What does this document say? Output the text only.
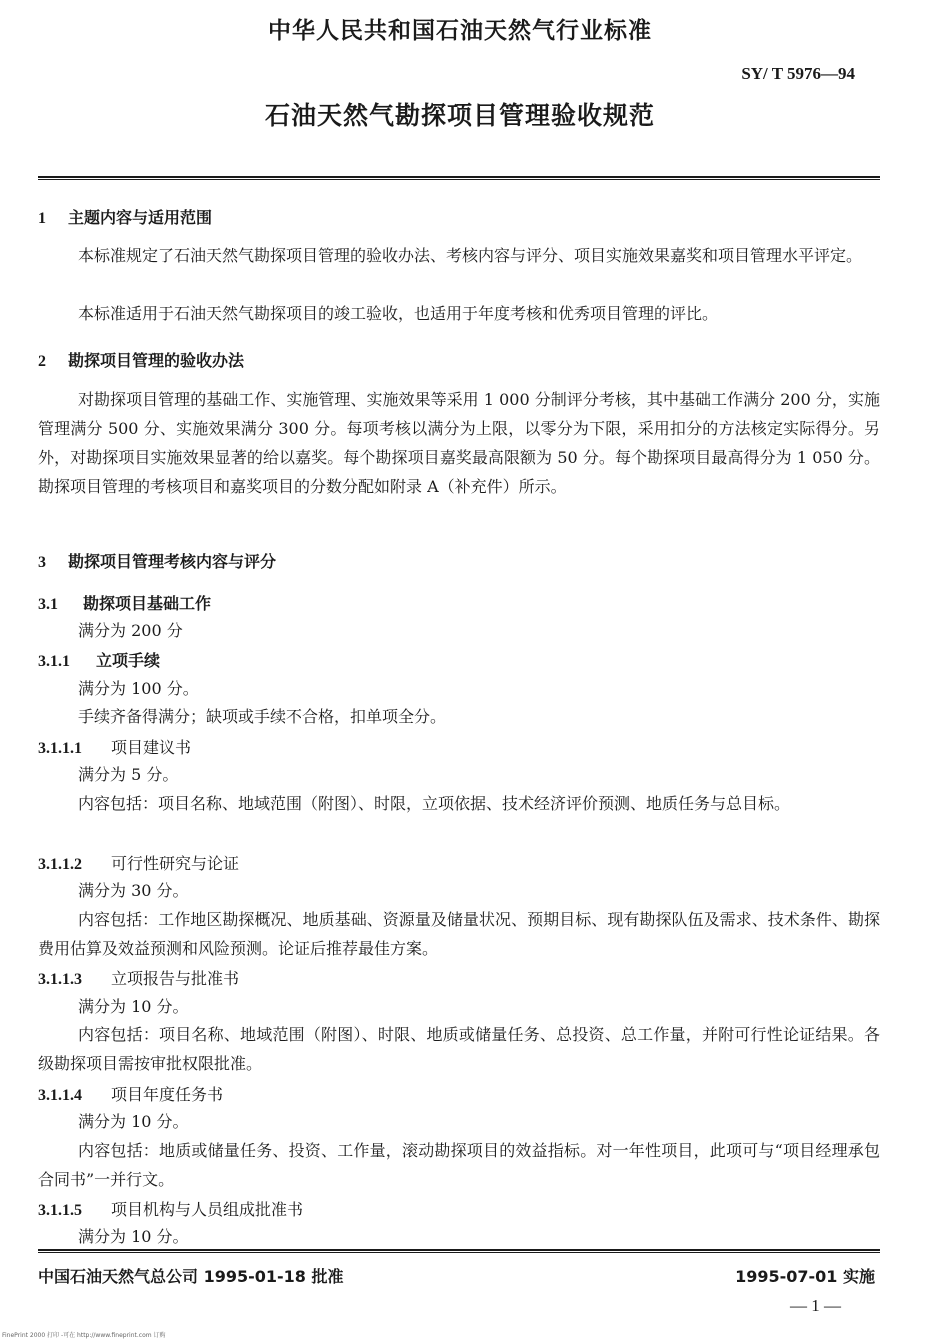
中华人民共和国石油天然气行业标准
SY/ T 5976—94
石油天然气勘探项目管理验收规范
1 主题内容与适用范围
本标准规定了石油天然气勘探项目管理的验收办法、考核内容与评分、项目实施效果嘉奖和项目管理水平评定。
本标准适用于石油天然气勘探项目的竣工验收，也适用于年度考核和优秀项目管理的评比。
2 勘探项目管理的验收办法
对勘探项目管理的基础工作、实施管理、实施效果等采用 1 000 分制评分考核，其中基础工作满分 200 分，实施管理满分 500 分、实施效果满分 300 分。每项考核以满分为上限，以零分为下限，采用扣分的方法核定实际得分。另外，对勘探项目实施效果显著的给以嘉奖。每个勘探项目嘉奖最高限额为 50 分。每个勘探项目最高得分为 1 050 分。勘探项目管理的考核项目和嘉奖项目的分数分配如附录 A（补充件）所示。
3 勘探项目管理考核内容与评分
3.1 勘探项目基础工作
满分为 200 分
3.1.1 立项手续
满分为 100 分。
手续齐备得满分；缺项或手续不合格，扣单项全分。
3.1.1.1 项目建议书
满分为 5 分。
内容包括：项目名称、地域范围（附图）、时限，立项依据、技术经济评价预测、地质任务与总目标。
3.1.1.2 可行性研究与论证
满分为 30 分。
内容包括：工作地区勘探概况、地质基础、资源量及储量状况、预期目标、现有勘探队伍及需求、技术条件、勘探费用估算及效益预测和风险预测。论证后推荐最佳方案。
3.1.1.3 立项报告与批准书
满分为 10 分。
内容包括：项目名称、地域范围（附图）、时限、地质或储量任务、总投资、总工作量，并附可行性论证结果。各级勘探项目需按审批权限批准。
3.1.1.4 项目年度任务书
满分为 10 分。
内容包括：地质或储量任务、投资、工作量，滚动勘探项目的效益指标。对一年性项目，此项可与“项目经理承包合同书”一并行文。
3.1.1.5 项目机构与人员组成批准书
满分为 10 分。
中国石油天然气总公司 1995-01-18 批准	1995-07-01 实施
— 1 —
FinePrint 2000 打印 -可在 http://www.fineprint.com 订购
